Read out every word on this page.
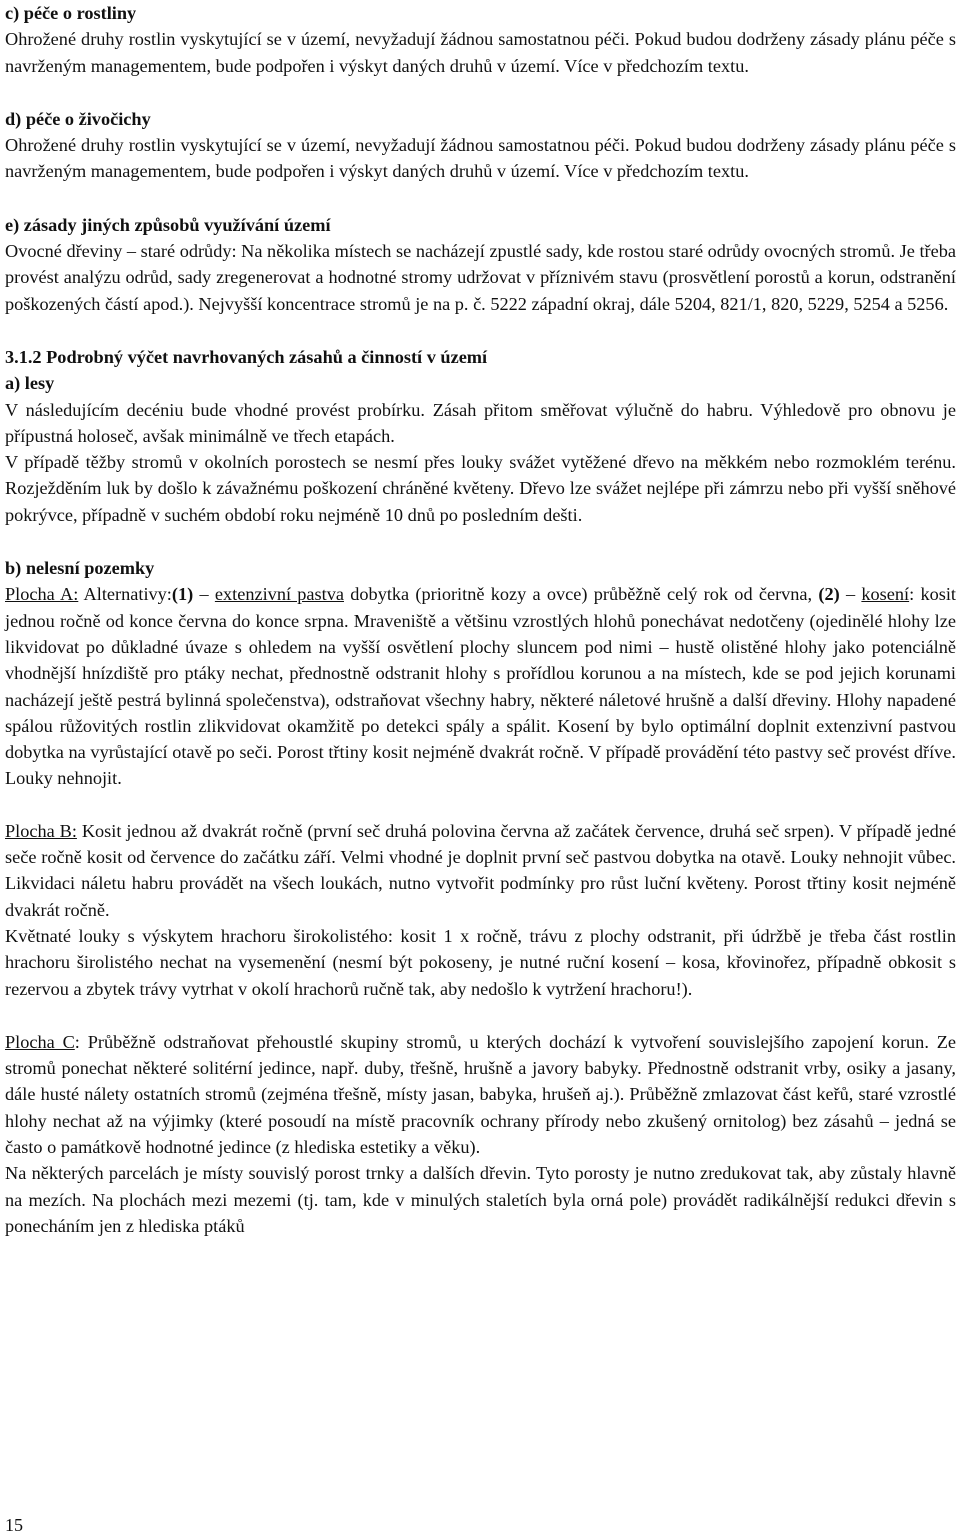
c) péče o rostliny

Ohrožené druhy rostlin vyskytující se v území, nevyžadují žádnou samostatnou péči. Pokud budou dodrženy zásady plánu péče s navrženým managementem, bude podpořen i výskyt daných druhů v území. Více v předchozím textu.

d) péče o živočichy

Ohrožené druhy rostlin vyskytující se v území, nevyžadují žádnou samostatnou péči. Pokud budou dodrženy zásady plánu péče s navrženým managementem, bude podpořen i výskyt daných druhů v území. Více v předchozím textu.

e) zásady jiných způsobů využívání území

Ovocné dřeviny – staré odrůdy: Na několika místech se nacházejí zpustlé sady, kde rostou staré odrůdy ovocných stromů. Je třeba provést analýzu odrůd, sady zregenerovat a hodnotné stromy udržovat v příznivém stavu (prosvětlení porostů a korun, odstranění poškozených částí apod.). Nejvyšší koncentrace stromů je na p. č. 5222 západní okraj, dále 5204, 821/1, 820, 5229, 5254 a 5256.

3.1.2 Podrobný výčet navrhovaných zásahů a činností v území
a) lesy

V následujícím decéniu bude vhodné provést probírku. Zásah přitom směřovat výlučně do habru. Výhledově pro obnovu je přípustná holoseč, avšak minimálně ve třech etapách.

V případě těžby stromů v okolních porostech se nesmí přes louky svážet vytěžené dřevo na měkkém nebo rozmoklém terénu. Rozježděním luk by došlo k závažnému poškození chráněné květeny. Dřevo lze svážet nejlépe při zámrzu nebo při vyšší sněhové pokrývce, případně v suchém období roku nejméně 10 dnů po posledním dešti.

b) nelesní pozemky

Plocha A: Alternativy:(1) – extenzivní pastva dobytka (prioritně kozy a ovce) průběžně celý rok od června, (2) – kosení: kosit jednou ročně od konce června do konce srpna. Mraveniště a většinu vzrostlých hlohů ponechávat nedotčeny (ojedinělé hlohy lze likvidovat po důkladné úvaze s ohledem na vyšší osvětlení plochy sluncem pod nimi – hustě olistěné hlohy jako potenciálně vhodnější hnízdiště pro ptáky nechat, přednostně odstranit hlohy s prořídlou korunou a na místech, kde se pod jejich korunami nacházejí ještě pestrá bylinná společenstva), odstraňovat všechny habry, některé náletové hrušně a další dřeviny. Hlohy napadené spálou růžovitých rostlin zlikvidovat okamžitě po detekci spály a spálit. Kosení by bylo optimální doplnit extenzivní pastvou dobytka na vyrůstající otavě po seči. Porost třtiny kosit nejméně dvakrát ročně. V případě provádění této pastvy seč provést dříve. Louky nehnojit.

Plocha B: Kosit jednou až dvakrát ročně (první seč druhá polovina června až začátek července, druhá seč srpen). V případě jedné seče ročně kosit od července do začátku září. Velmi vhodné je doplnit první seč pastvou dobytka na otavě. Louky nehnojit vůbec. Likvidaci náletu habru provádět na všech loukách, nutno vytvořit podmínky pro růst luční květeny. Porost třtiny kosit nejméně dvakrát ročně.

Květnaté louky s výskytem hrachoru širokolistého: kosit 1 x ročně, trávu z plochy odstranit, při údržbě je třeba část rostlin hrachoru širolistého nechat na vysemenění (nesmí být pokoseny, je nutné ruční kosení – kosa, křovinořez, případně obkosit s rezervou a zbytek trávy vytrhat v okolí hrachorů ručně tak, aby nedošlo k vytržení hrachoru!).

Plocha C: Průběžně odstraňovat přehoustlé skupiny stromů, u kterých dochází k vytvoření souvislejšího zapojení korun. Ze stromů ponechat některé solitérní jedince, např. duby, třešně, hrušně a javory babyky. Přednostně odstranit vrby, osiky a jasany, dále husté nálety ostatních stromů (zejména třešně, místy jasan, babyka, hrušeň aj.). Průběžně zmlazovat část keřů, staré vzrostlé hlohy nechat až na výjimky (které posoudí na místě pracovník ochrany přírody nebo zkušený ornitolog) bez zásahů – jedná se často o památkově hodnotné jedince (z hlediska estetiky a věku).

Na některých parcelách je místy souvislý porost trnky a dalších dřevin. Tyto porosty je nutno zredukovat tak, aby zůstaly hlavně na mezích. Na plochách mezi mezemi (tj. tam, kde v minulých staletích byla orná pole) provádět radikálnější redukci dřevin s ponecháním jen z hlediska ptáků

15
